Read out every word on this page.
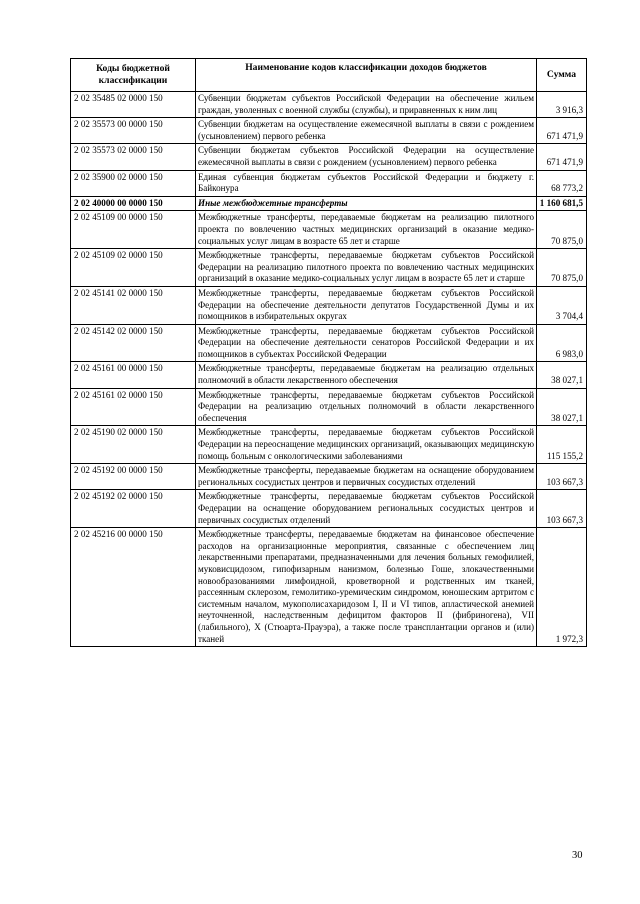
Коды бюджетной классификации	Наименование кодов классификации доходов бюджетов	Сумма
2 02 35485 02 0000 150	Субвенции бюджетам субъектов Российской Федерации на обеспечение жильем граждан, уволенных с военной службы (службы), и приравненных к ним лиц	3 916,3
2 02 35573 00 0000 150	Субвенции бюджетам на осуществление ежемесячной выплаты в связи с рождением (усыновлением) первого ребенка	671 471,9
2 02 35573 02 0000 150	Субвенции бюджетам субъектов Российской Федерации на осуществление ежемесячной выплаты в связи с рождением (усыновлением) первого ребенка	671 471,9
2 02 35900 02 0000 150	Единая субвенция бюджетам субъектов Российской Федерации и бюджету г. Байконура	68 773,2
2 02 40000 00 0000 150	Иные межбюджетные трансферты	1 160 681,5
2 02 45109 00 0000 150	Межбюджетные трансферты, передаваемые бюджетам на реализацию пилотного проекта по вовлечению частных медицинских организаций в оказание медико-социальных услуг лицам в возрасте 65 лет и старше	70 875,0
2 02 45109 02 0000 150	Межбюджетные трансферты, передаваемые бюджетам субъектов Российской Федерации на реализацию пилотного проекта по вовлечению частных медицинских организаций в оказание медико-социальных услуг лицам в возрасте 65 лет и старше	70 875,0
2 02 45141 02 0000 150	Межбюджетные трансферты, передаваемые бюджетам субъектов Российской Федерации на обеспечение деятельности депутатов Государственной Думы и их помощников в избирательных округах	3 704,4
2 02 45142 02 0000 150	Межбюджетные трансферты, передаваемые бюджетам субъектов Российской Федерации на обеспечение деятельности сенаторов Российской Федерации и их помощников в субъектах Российской Федерации	6 983,0
2 02 45161 00 0000 150	Межбюджетные трансферты, передаваемые бюджетам на реализацию отдельных полномочий в области лекарственного обеспечения	38 027,1
2 02 45161 02 0000 150	Межбюджетные трансферты, передаваемые бюджетам субъектов Российской Федерации на реализацию отдельных полномочий в области лекарственного обеспечения	38 027,1
2 02 45190 02 0000 150	Межбюджетные трансферты, передаваемые бюджетам субъектов Российской Федерации на переоснащение медицинских организаций, оказывающих медицинскую помощь больным с онкологическими заболеваниями	115 155,2
2 02 45192 00 0000 150	Межбюджетные трансферты, передаваемые бюджетам на оснащение оборудованием региональных сосудистых центров и первичных сосудистых отделений	103 667,3
2 02 45192 02 0000 150	Межбюджетные трансферты, передаваемые бюджетам субъектов Российской Федерации на оснащение оборудованием региональных сосудистых центров и первичных сосудистых отделений	103 667,3
2 02 45216 00 0000 150	Межбюджетные трансферты, передаваемые бюджетам на финансовое обеспечение расходов на организационные мероприятия, связанные с обеспечением лиц лекарственными препаратами, предназначенными для лечения больных гемофилией, муковисцидозом, гипофизарным нанизмом, болезнью Гоше, злокачественными новообразованиями лимфоидной, кроветворной и родственных им тканей, рассеянным склерозом, гемолитико-уремическим синдромом, юношеским артритом с системным началом, мукополисахаридозом I, II и VI типов, апластической анемией неуточненной, наследственным дефицитом факторов II (фибриногена), VII (лабильного), X (Стюарта-Прауэра), а также после трансплантации органов и (или) тканей	1 972,3
30
